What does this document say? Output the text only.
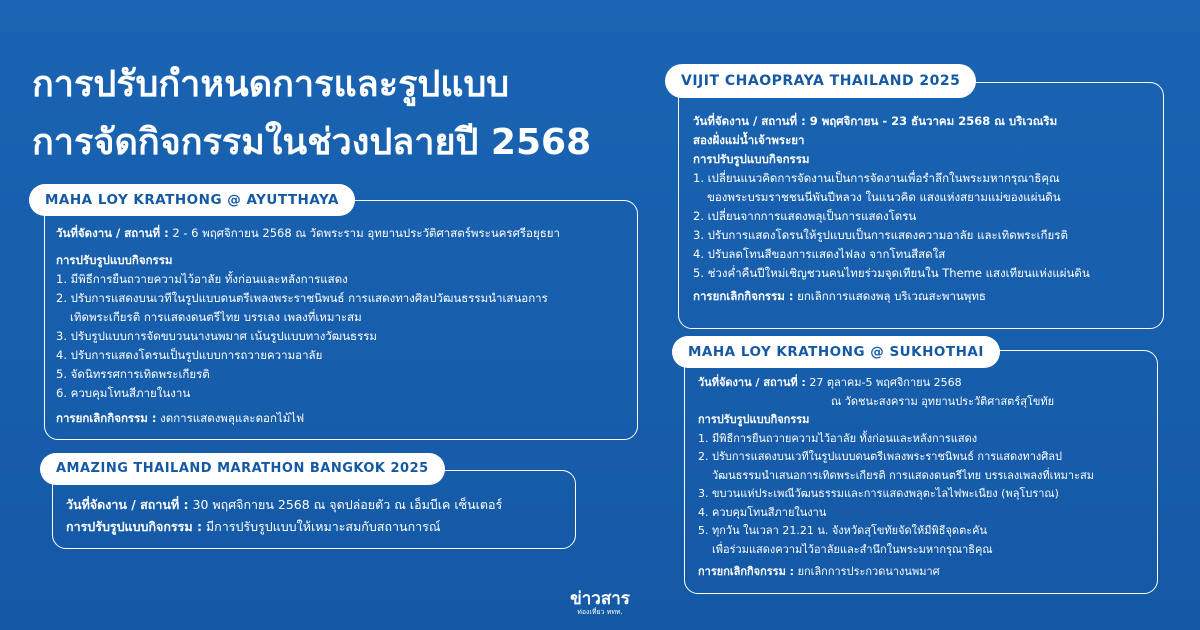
การปรับกำหนดการและรูปแบบ
การจัดกิจกรรมในช่วงปลายปี 2568
MAHA LOY KRATHONG @ AYUTTHAYA
วันที่จัดงาน / สถานที่ : 2 - 6 พฤศจิกายน 2568 ณ วัดพระราม อุทยานประวัติศาสตร์พระนครศรีอยุธยา
การปรับรูปแบบกิจกรรม
1. มีพิธีการยืนถวายความไว้อาลัย ทั้งก่อนและหลังการแสดง
2. ปรับการแสดงบนเวทีในรูปแบบดนตรีเพลงพระราชนิพนธ์ การแสดงทางศิลปวัฒนธรรมนำเสนอการ
เทิดพระเกียรติ การแสดงดนตรีไทย บรรเลง เพลงที่เหมาะสม
3. ปรับรูปแบบการจัดขบวนนางนพมาศ เน้นรูปแบบทางวัฒนธรรม
4. ปรับการแสดงโดรนเป็นรูปแบบการถวายความอาลัย
5. จัดนิทรรศการเทิดพระเกียรติ
6. ควบคุมโทนสีภายในงาน
การยกเลิกกิจกรรม : งดการแสดงพลุและดอกไม้ไฟ
AMAZING THAILAND MARATHON BANGKOK 2025
วันที่จัดงาน / สถานที่ : 30 พฤศจิกายน 2568 ณ จุดปล่อยตัว ณ เอ็มบีเค เซ็นเตอร์
การปรับรูปแบบกิจกรรม : มีการปรับรูปแบบให้เหมาะสมกับสถานการณ์
VIJIT CHAOPRAYA THAILAND 2025
วันที่จัดงาน / สถานที่ : 9 พฤศจิกายน - 23 ธันวาคม 2568 ณ บริเวณริม
สองฝั่งแม่น้ำเจ้าพระยา
การปรับรูปแบบกิจกรรม
1. เปลี่ยนแนวคิดการจัดงานเป็นการจัดงานเพื่อรำลึกในพระมหากรุณาธิคุณ
ของพระบรมราชชนนีพันปีหลวง ในแนวคิด แสงแห่งสยามแม่ของแผ่นดิน
2. เปลี่ยนจากการแสดงพลุเป็นการแสดงโดรน
3. ปรับการแสดงโดรนให้รูปแบบเป็นการแสดงความอาลัย และเทิดพระเกียรติ
4. ปรับลดโทนสีของการแสดงไฟลง จากโทนสีสดใส
5. ช่วงค่ำคืนปีใหม่เชิญชวนคนไทยร่วมจุดเทียนใน Theme แสงเทียนแห่งแผ่นดิน
การยกเลิกกิจกรรม : ยกเลิกการแสดงพลุ บริเวณสะพานพุทธ
MAHA LOY KRATHONG @ SUKHOTHAI
วันที่จัดงาน / สถานที่ : 27 ตุลาคม-5 พฤศจิกายน 2568
ณ วัดชนะสงคราม อุทยานประวัติศาสตร์สุโขทัย
การปรับรูปแบบกิจกรรม
1. มีพิธีการยืนถวายความไว้อาลัย ทั้งก่อนและหลังการแสดง
2. ปรับการแสดงบนเวทีในรูปแบบดนตรีเพลงพระราชนิพนธ์ การแสดงทางศิลป
วัฒนธรรมนำเสนอการเทิดพระเกียรติ การแสดงดนตรีไทย บรรเลงเพลงที่เหมาะสม
3. ขบวนแห่ประเพณีวัฒนธรรมและการแสดงพลุตะไลไฟพะเนียง (พลุโบราณ)
4. ควบคุมโทนสีภายในงาน
5. ทุกวัน ในเวลา 21.21 น. จังหวัดสุโขทัยจัดให้มีพิธีจุดตะคัน
เพื่อร่วมแสดงความไว้อาลัยและสำนึกในพระมหากรุณาธิคุณ
การยกเลิกกิจกรรม : ยกเลิกการประกวดนางนพมาศ
ข่าวสาร
ท่องเที่ยว ททท.
